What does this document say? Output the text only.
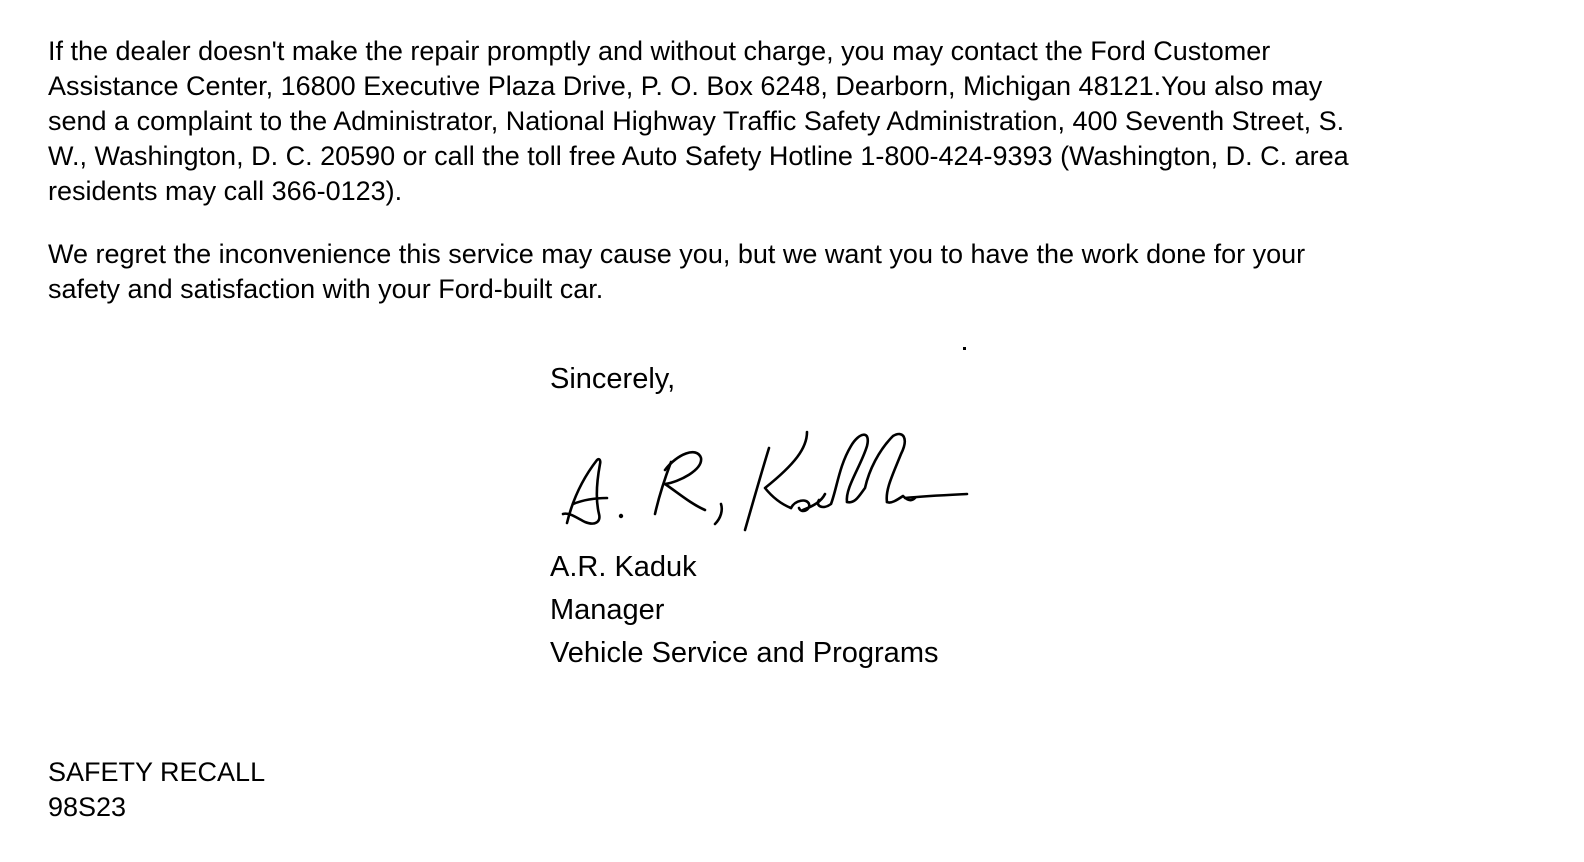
If the dealer doesn't make the repair promptly and without charge, you may contact the Ford Customer
Assistance Center, 16800 Executive Plaza Drive, P. O. Box 6248, Dearborn, Michigan 48121.You also may
send a complaint to the Administrator, National Highway Traffic Safety Administration, 400 Seventh Street, S.
W., Washington, D. C. 20590 or call the toll free Auto Safety Hotline 1-800-424-9393 (Washington, D. C. area
residents may call 366-0123).

We regret the inconvenience this service may cause you, but we want you to have the work done for your
safety and satisfaction with your Ford-built car.

Sincerely,
A.R. Kaduk
Manager
Vehicle Service and Programs
SAFETY RECALL
98S23
